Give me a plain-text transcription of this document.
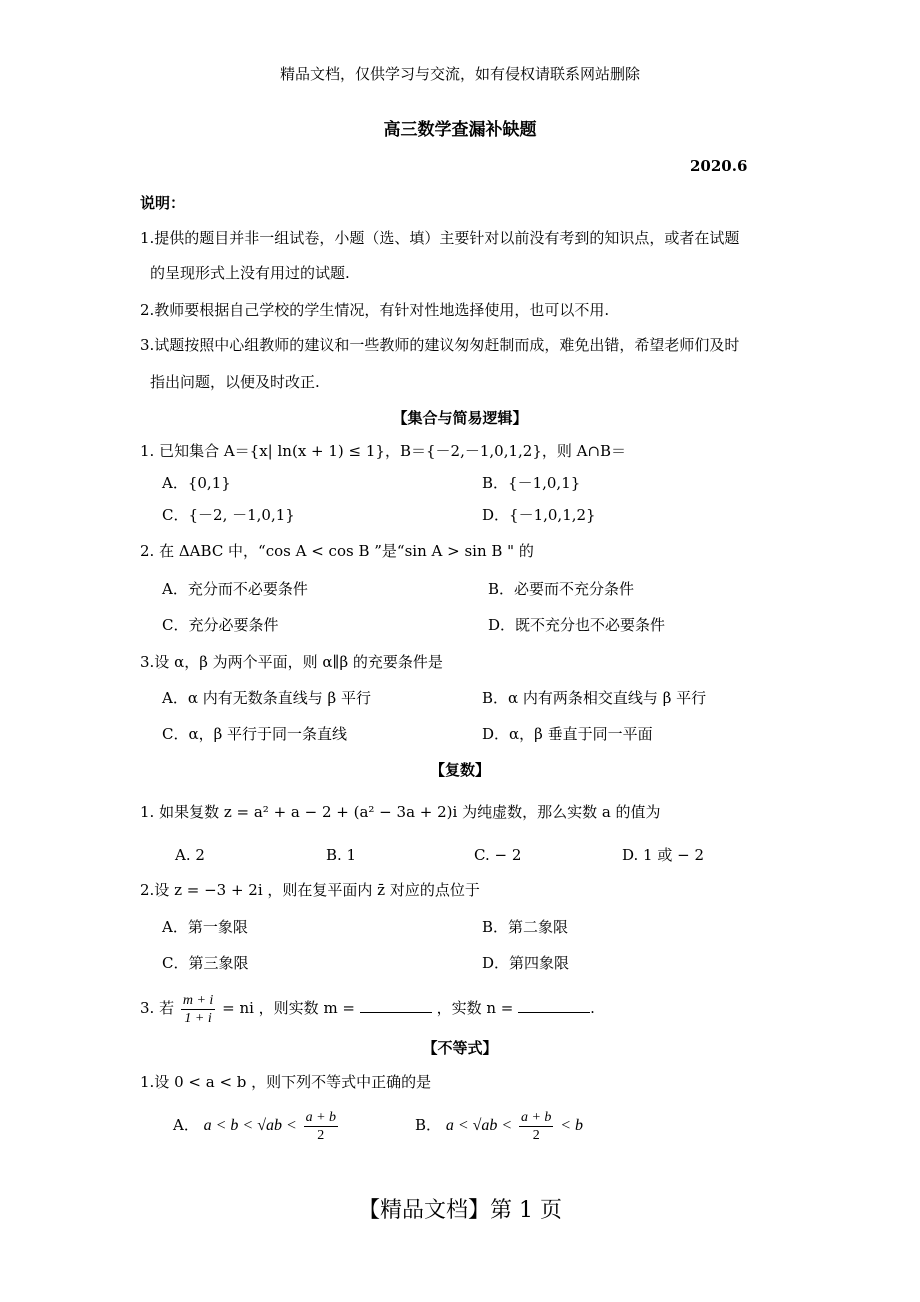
精品文档，仅供学习与交流，如有侵权请联系网站删除
高三数学查漏补缺题
2020.6
说明：
1.提供的题目并非一组试卷，小题（选、填）主要针对以前没有考到的知识点，或者在试题
的呈现形式上没有用过的试题.
2.教师要根据自己学校的学生情况，有针对性地选择使用，也可以不用.
3.试题按照中心组教师的建议和一些教师的建议匆匆赶制而成，难免出错，希望老师们及时
指出问题，以便及时改正.
【集合与简易逻辑】
1. 已知集合 A＝{x| ln(x + 1) ≤ 1}，B＝{－2,－1,0,1,2}，则 A∩B＝
A．{0,1}	B．{－1,0,1}
C．{－2, －1,0,1}	D．{－1,0,1,2}
2. 在 ΔABC 中，“cos A < cos B ”是“sin A > sin B " 的
A．充分而不必要条件	B．必要而不充分条件
C．充分必要条件	D．既不充分也不必要条件
3.设 α，β 为两个平面，则 α∥β 的充要条件是
A．α 内有无数条直线与 β 平行	B．α 内有两条相交直线与 β 平行
C．α，β 平行于同一条直线	D．α，β 垂直于同一平面
【复数】
1. 如果复数 z = a² + a − 2 + (a² − 3a + 2)i 为纯虚数，那么实数 a 的值为
A. 2	B. 1	C. − 2	D. 1 或 − 2
2.设 z = −3 + 2i ，则在复平面内 z̄ 对应的点位于
A．第一象限	B．第二象限
C．第三象限	D．第四象限
3. 若 $\frac{m + i}{1 + i}$ = ni ，则实数 m =	，实数 n =	.
【不等式】
1.设 0 < a < b ，则下列不等式中正确的是
A． $a < b < √ab < \frac{a + b}{2}$	B． $a < √ab < \frac{a + b}{2} < b$
【精品文档】第 1 页
